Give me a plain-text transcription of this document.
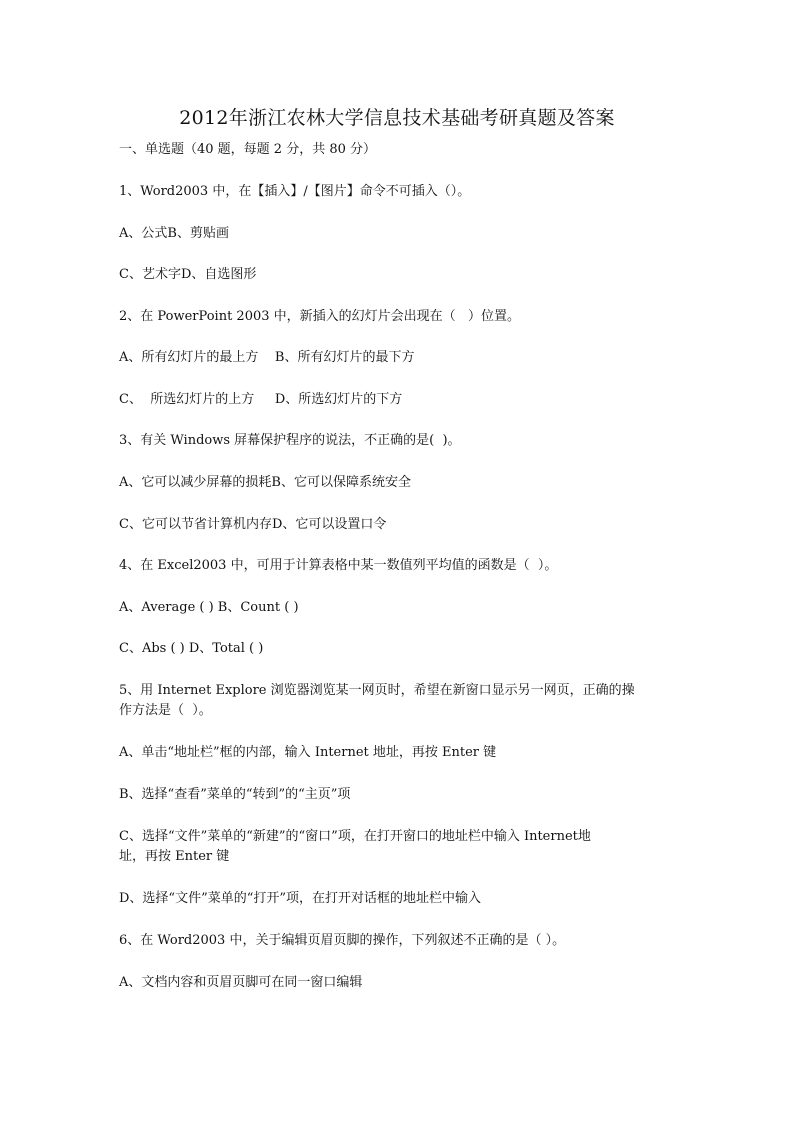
2012年浙江农林大学信息技术基础考研真题及答案
一、单选题（40 题，每题 2 分，共 80 分）
1、Word2003 中，在【插入】/【图片】命令不可插入（）。
A、公式B、剪贴画
C、艺术字D、自选图形
2、在 PowerPoint 2003 中，新插入的幻灯片会出现在（   ）位置。
A、所有幻灯片的最上方    B、所有幻灯片的最下方
C、  所选幻灯片的上方     D、所选幻灯片的下方
3、有关 Windows 屏幕保护程序的说法，不正确的是(  )。
A、它可以减少屏幕的损耗B、它可以保障系统安全
C、它可以节省计算机内存D、它可以设置口令
4、在 Excel2003 中，可用于计算表格中某一数值列平均值的函数是（  ）。
A、Average ( ) B、Count ( )
C、Abs ( ) D、Total ( )
5、用 Internet Explore 浏览器浏览某一网页时，希望在新窗口显示另一网页，正确的操
作方法是（  ）。
A、单击“地址栏”框的内部，输入 Internet 地址，再按 Enter 键
B、选择“查看”菜单的“转到”的“主页”项
C、选择“文件”菜单的“新建”的“窗口”项，在打开窗口的地址栏中输入 Internet地
址，再按 Enter 键
D、选择“文件”菜单的“打开”项，在打开对话框的地址栏中输入
6、在 Word2003 中，关于编辑页眉页脚的操作，下列叙述不正确的是（ ）。
A、文档内容和页眉页脚可在同一窗口编辑
